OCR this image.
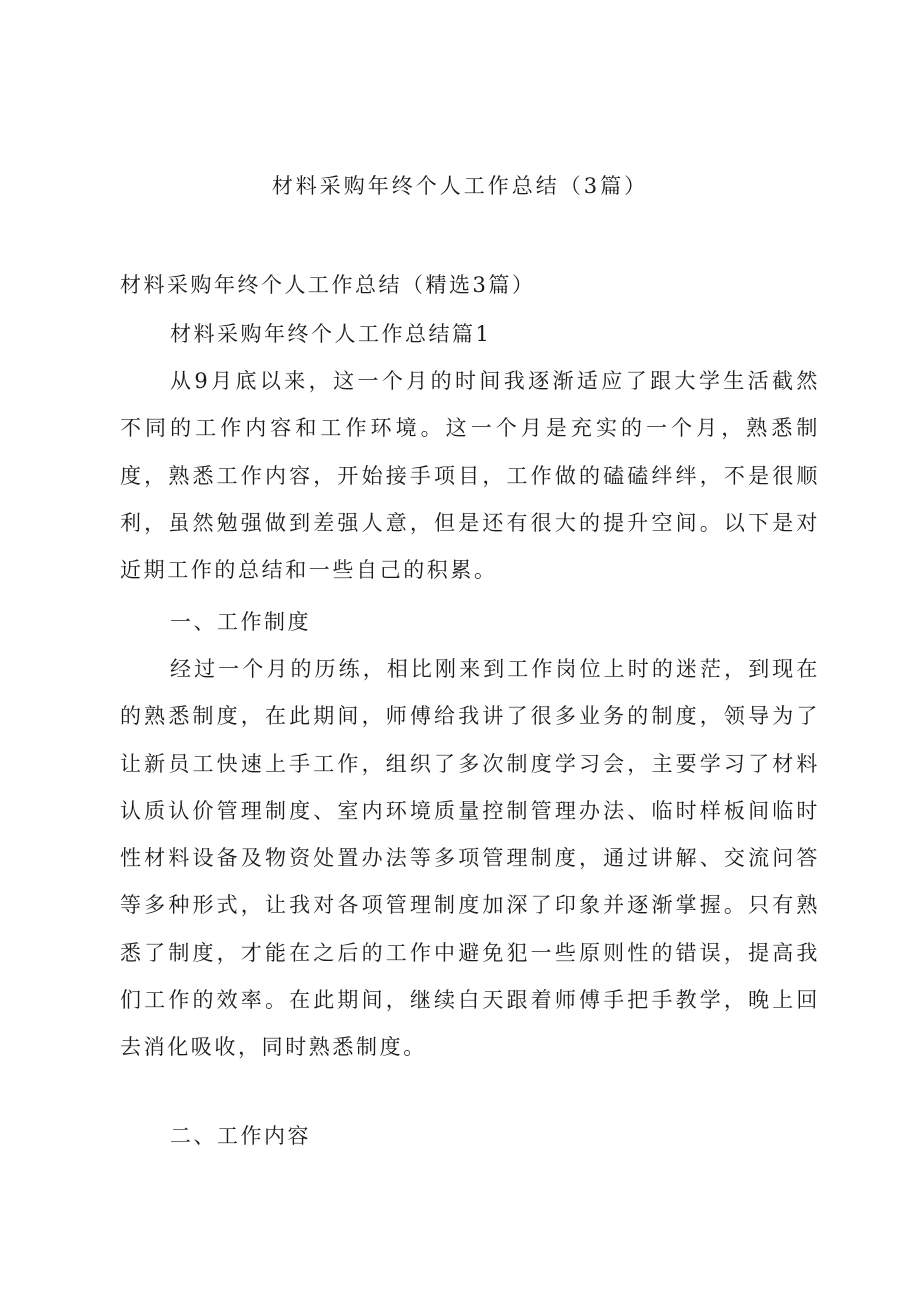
材料采购年终个人工作总结（3篇）
材料采购年终个人工作总结（精选3篇）
材料采购年终个人工作总结篇1
从9月底以来，这一个月的时间我逐渐适应了跟大学生活截然不同的工作内容和工作环境。这一个月是充实的一个月，熟悉制度，熟悉工作内容，开始接手项目，工作做的磕磕绊绊，不是很顺利，虽然勉强做到差强人意，但是还有很大的提升空间。以下是对近期工作的总结和一些自己的积累。
一、工作制度
经过一个月的历练，相比刚来到工作岗位上时的迷茫，到现在的熟悉制度，在此期间，师傅给我讲了很多业务的制度，领导为了让新员工快速上手工作，组织了多次制度学习会，主要学习了材料认质认价管理制度、室内环境质量控制管理办法、临时样板间临时性材料设备及物资处置办法等多项管理制度，通过讲解、交流问答等多种形式，让我对各项管理制度加深了印象并逐渐掌握。只有熟悉了制度，才能在之后的工作中避免犯一些原则性的错误，提高我们工作的效率。在此期间，继续白天跟着师傅手把手教学，晚上回去消化吸收，同时熟悉制度。
二、工作内容
